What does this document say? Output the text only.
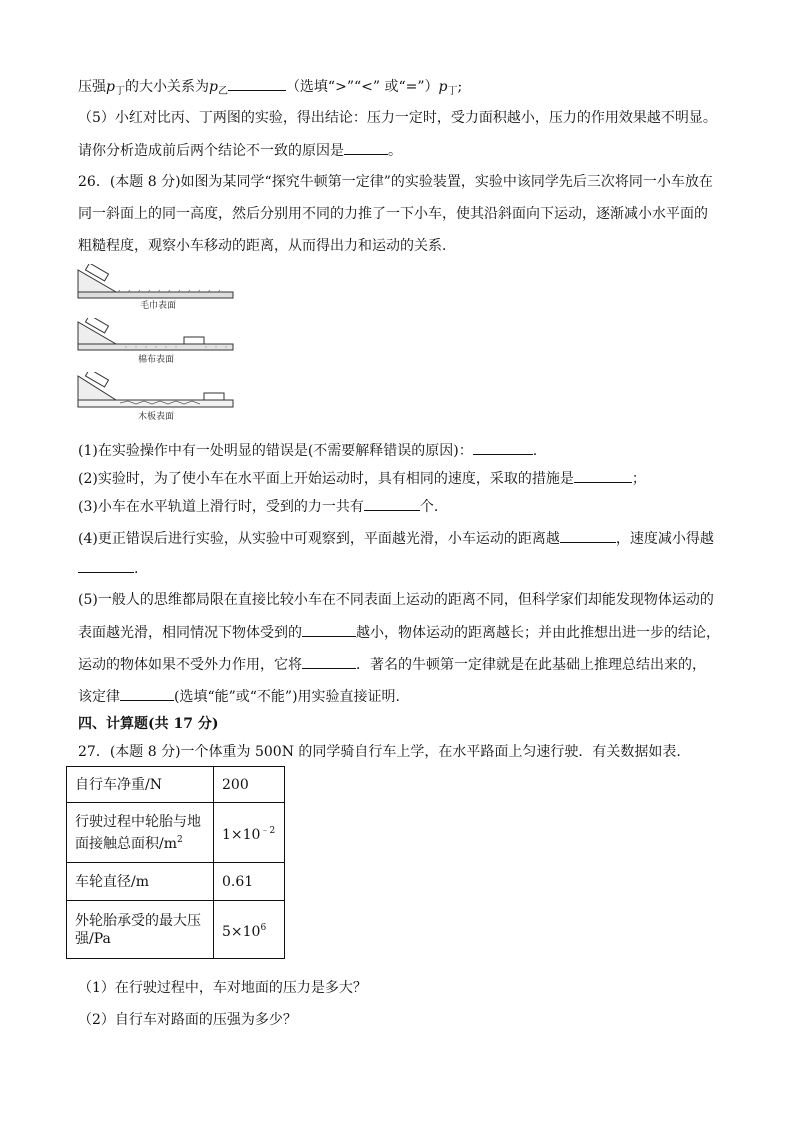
压强$p_丁$的大小关系为$p_乙$	（选填“>”“<” 或“$=”)p_丁$;
（5）小红对比丙、丁两图的实验，得出结论：压力一定时，受力面积越小，压力的作用效果越不明显。
请你分析造成前后两个结论不一致的原因是	。
26．(本题 8 分)如图为某同学“探究牛顿第一定律”的实验装置，实验中该同学先后三次将同一小车放在
同一斜面上的同一高度，然后分别用不同的力推了一下小车，使其沿斜面向下运动，逐渐减小水平面的
粗糙程度，观察小车移动的距离，从而得出力和运动的关系．
毛巾表面
棉布表面
木板表面
(1)在实验操作中有一处明显的错误是(不需要解释错误的原因)：	.
(2)实验时，为了使小车在水平面上开始运动时，具有相同的速度，采取的措施是	；
(3)小车在水平轨道上滑行时，受到的力一共有	个.
(4)更正错误后进行实验，从实验中可观察到，平面越光滑，小车运动的距离越	，速度减小得越
.
(5)一般人的思维都局限在直接比较小车在不同表面上运动的距离不同，但科学家们却能发现物体运动的
表面越光滑，相同情况下物体受到的	越小，物体运动的距离越长；并由此推想出进一步的结论，
运动的物体如果不受外力作用，它将	．著名的牛顿第一定律就是在此基础上推理总结出来的，
该定律	(选填“能”或“不能”)用实验直接证明.
四、计算题(共 17 分)
27．(本题 8 分)一个体重为 500N 的同学骑自行车上学，在水平路面上匀速行驶．有关数据如表.
自行车净重/N	200
行驶过程中轮胎与地
面接触总面积$/m^2$	$1\times 10^{﹣2}$
车轮直径/m	0.61
外轮胎承受的最大压
强/Pa	$5\times 10^6$
（1）在行驶过程中，车对地面的压力是多大？
（2）自行车对路面的压强为多少？
